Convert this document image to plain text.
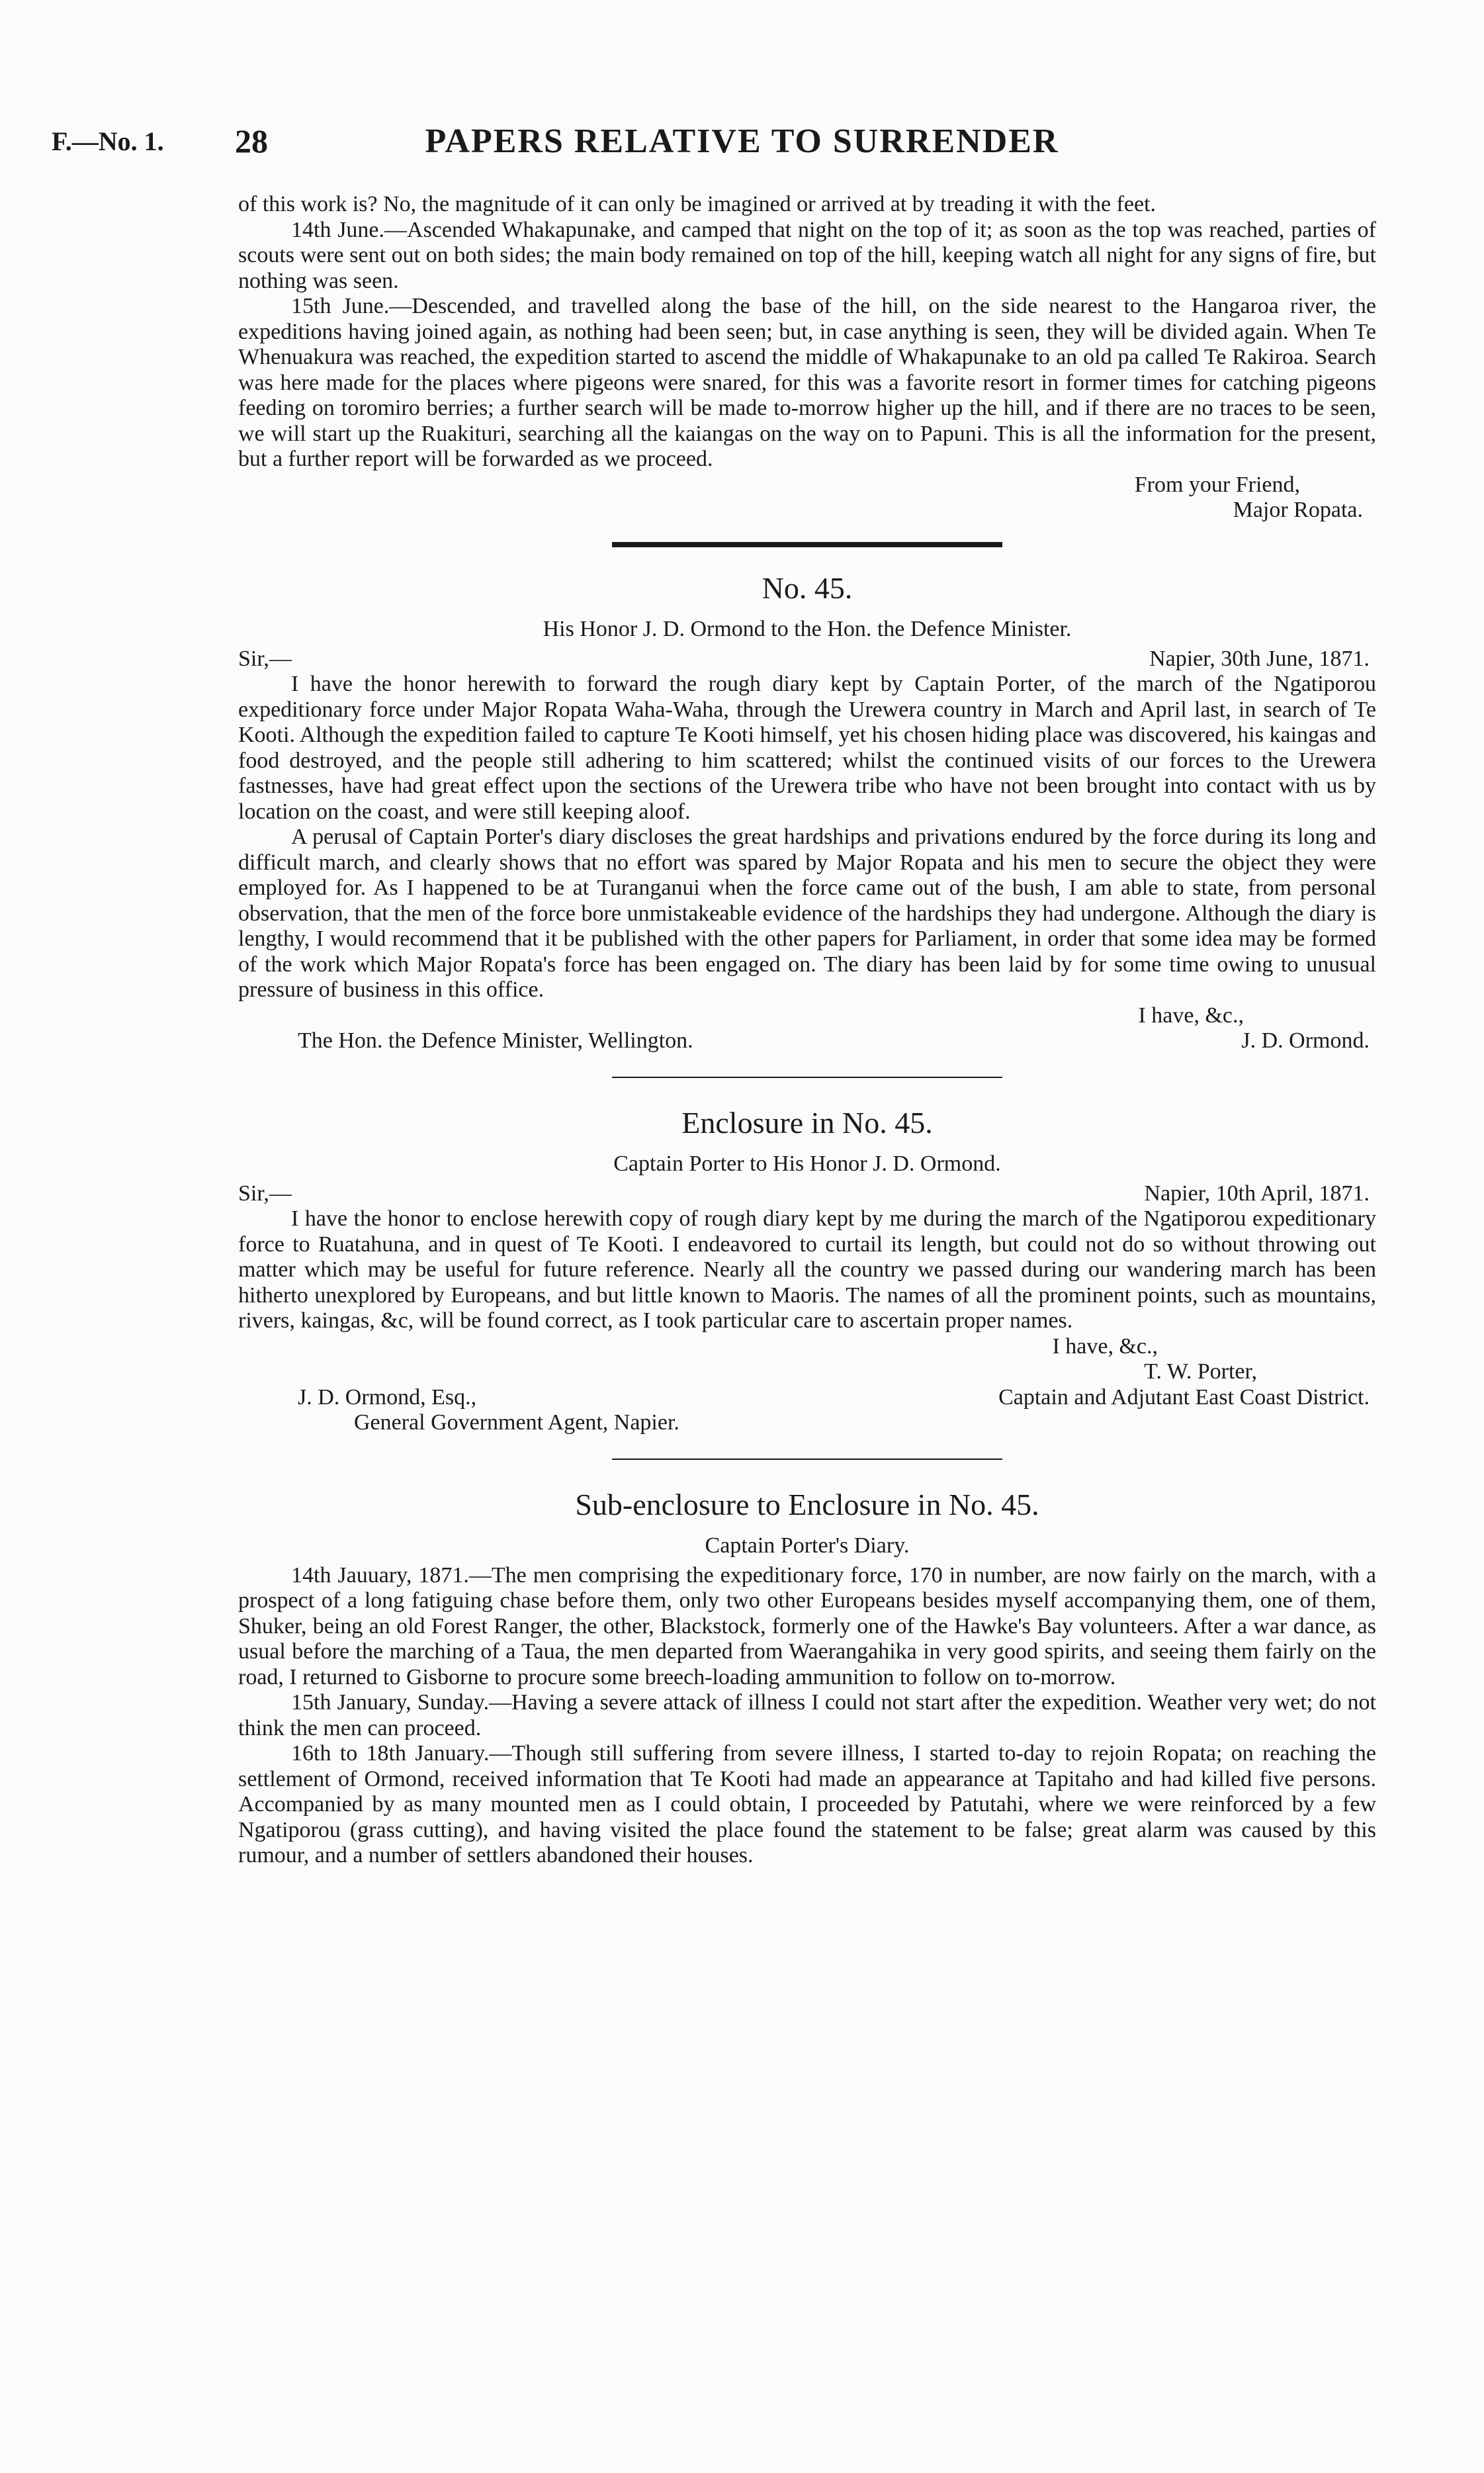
F.—No. 1. 28	PAPERS RELATIVE TO SURRENDER

of this work is? No, the magnitude of it can only be imagined or arrived at by treading it with the feet.

14th June.—Ascended Whakapunake, and camped that night on the top of it; as soon as the top was reached, parties of scouts were sent out on both sides; the main body remained on top of the hill, keeping watch all night for any signs of fire, but nothing was seen.

15th June.—Descended, and travelled along the base of the hill, on the side nearest to the Hangaroa river, the expeditions having joined again, as nothing had been seen; but, in case anything is seen, they will be divided again. When Te Whenuakura was reached, the expedition started to ascend the middle of Whakapunake to an old pa called Te Rakiroa. Search was here made for the places where pigeons were snared, for this was a favorite resort in former times for catching pigeons feeding on toromiro berries; a further search will be made to-morrow higher up the hill, and if there are no traces to be seen, we will start up the Ruakituri, searching all the kaiangas on the way on to Papuni. This is all the information for the present, but a further report will be forwarded as we proceed.

From your Friend,

Major Ropata.

No. 45.
His Honor J. D. Ormond to the Hon. the Defence Minister.
Sir,—	Napier, 30th June, 1871.

I have the honor herewith to forward the rough diary kept by Captain Porter, of the march of the Ngatiporou expeditionary force under Major Ropata Waha-Waha, through the Urewera country in March and April last, in search of Te Kooti. Although the expedition failed to capture Te Kooti himself, yet his chosen hiding place was discovered, his kaingas and food destroyed, and the people still adhering to him scattered; whilst the continued visits of our forces to the Urewera fastnesses, have had great effect upon the sections of the Urewera tribe who have not been brought into contact with us by location on the coast, and were still keeping aloof.

A perusal of Captain Porter's diary discloses the great hardships and privations endured by the force during its long and difficult march, and clearly shows that no effort was spared by Major Ropata and his men to secure the object they were employed for. As I happened to be at Turanganui when the force came out of the bush, I am able to state, from personal observation, that the men of the force bore unmistakeable evidence of the hardships they had undergone. Although the diary is lengthy, I would recommend that it be published with the other papers for Parliament, in order that some idea may be formed of the work which Major Ropata's force has been engaged on. The diary has been laid by for some time owing to unusual pressure of business in this office.

I have, &c.,
The Hon. the Defence Minister, Wellington.	J. D. Ormond.
Enclosure in No. 45.
Captain Porter to His Honor J. D. Ormond.
Sir,—	Napier, 10th April, 1871.

I have the honor to enclose herewith copy of rough diary kept by me during the march of the Ngatiporou expeditionary force to Ruatahuna, and in quest of Te Kooti. I endeavored to curtail its length, but could not do so without throwing out matter which may be useful for future reference. Nearly all the country we passed during our wandering march has been hitherto unexplored by Europeans, and but little known to Maoris. The names of all the prominent points, such as mountains, rivers, kaingas, &c, will be found correct, as I took particular care to ascertain proper names.

I have, &c.,
T. W. Porter,
Captain and Adjutant East Coast District.
J. D. Ormond, Esq.,
General Government Agent, Napier.
Sub-enclosure to Enclosure in No. 45.
Captain Porter's Diary.

14th Jauuary, 1871.—The men comprising the expeditionary force, 170 in number, are now fairly on the march, with a prospect of a long fatiguing chase before them, only two other Europeans besides myself accompanying them, one of them, Shuker, being an old Forest Ranger, the other, Blackstock, formerly one of the Hawke's Bay volunteers. After a war dance, as usual before the marching of a Taua, the men departed from Waerangahika in very good spirits, and seeing them fairly on the road, I returned to Gisborne to procure some breech-loading ammunition to follow on to-morrow.

15th January, Sunday.—Having a severe attack of illness I could not start after the expedition. Weather very wet; do not think the men can proceed.

16th to 18th January.—Though still suffering from severe illness, I started to-day to rejoin Ropata; on reaching the settlement of Ormond, received information that Te Kooti had made an appearance at Tapitaho and had killed five persons. Accompanied by as many mounted men as I could obtain, I proceeded by Patutahi, where we were reinforced by a few Ngatiporou (grass cutting), and having visited the place found the statement to be false; great alarm was caused by this rumour, and a number of settlers abandoned their houses.
